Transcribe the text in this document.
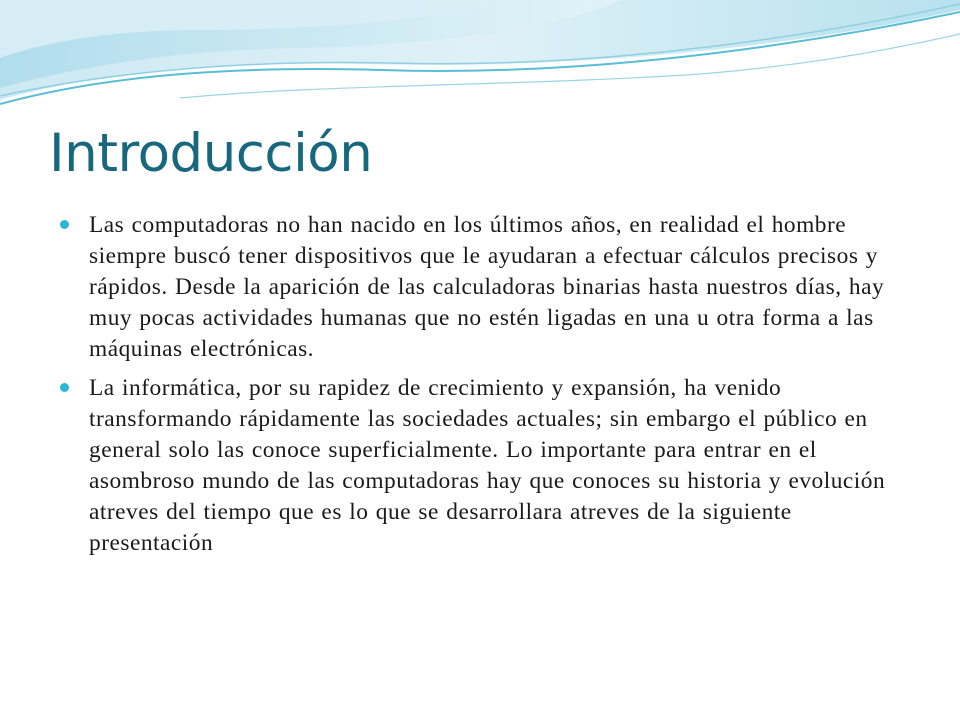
Introducción
Las computadoras no han nacido en los últimos años, en realidad el hombre siempre buscó tener dispositivos que le ayudaran a efectuar cálculos precisos y rápidos. Desde la aparición de las calculadoras binarias hasta nuestros días, hay muy pocas actividades humanas que no estén ligadas en una u otra forma a las máquinas electrónicas.
La informática, por su rapidez de crecimiento y expansión, ha venido transformando rápidamente las sociedades actuales; sin embargo el público en general solo las conoce superficialmente. Lo importante para entrar en el asombroso mundo de las computadoras hay que conoces su historia y evolución atreves del tiempo que es lo que se desarrollara atreves de la siguiente presentación
